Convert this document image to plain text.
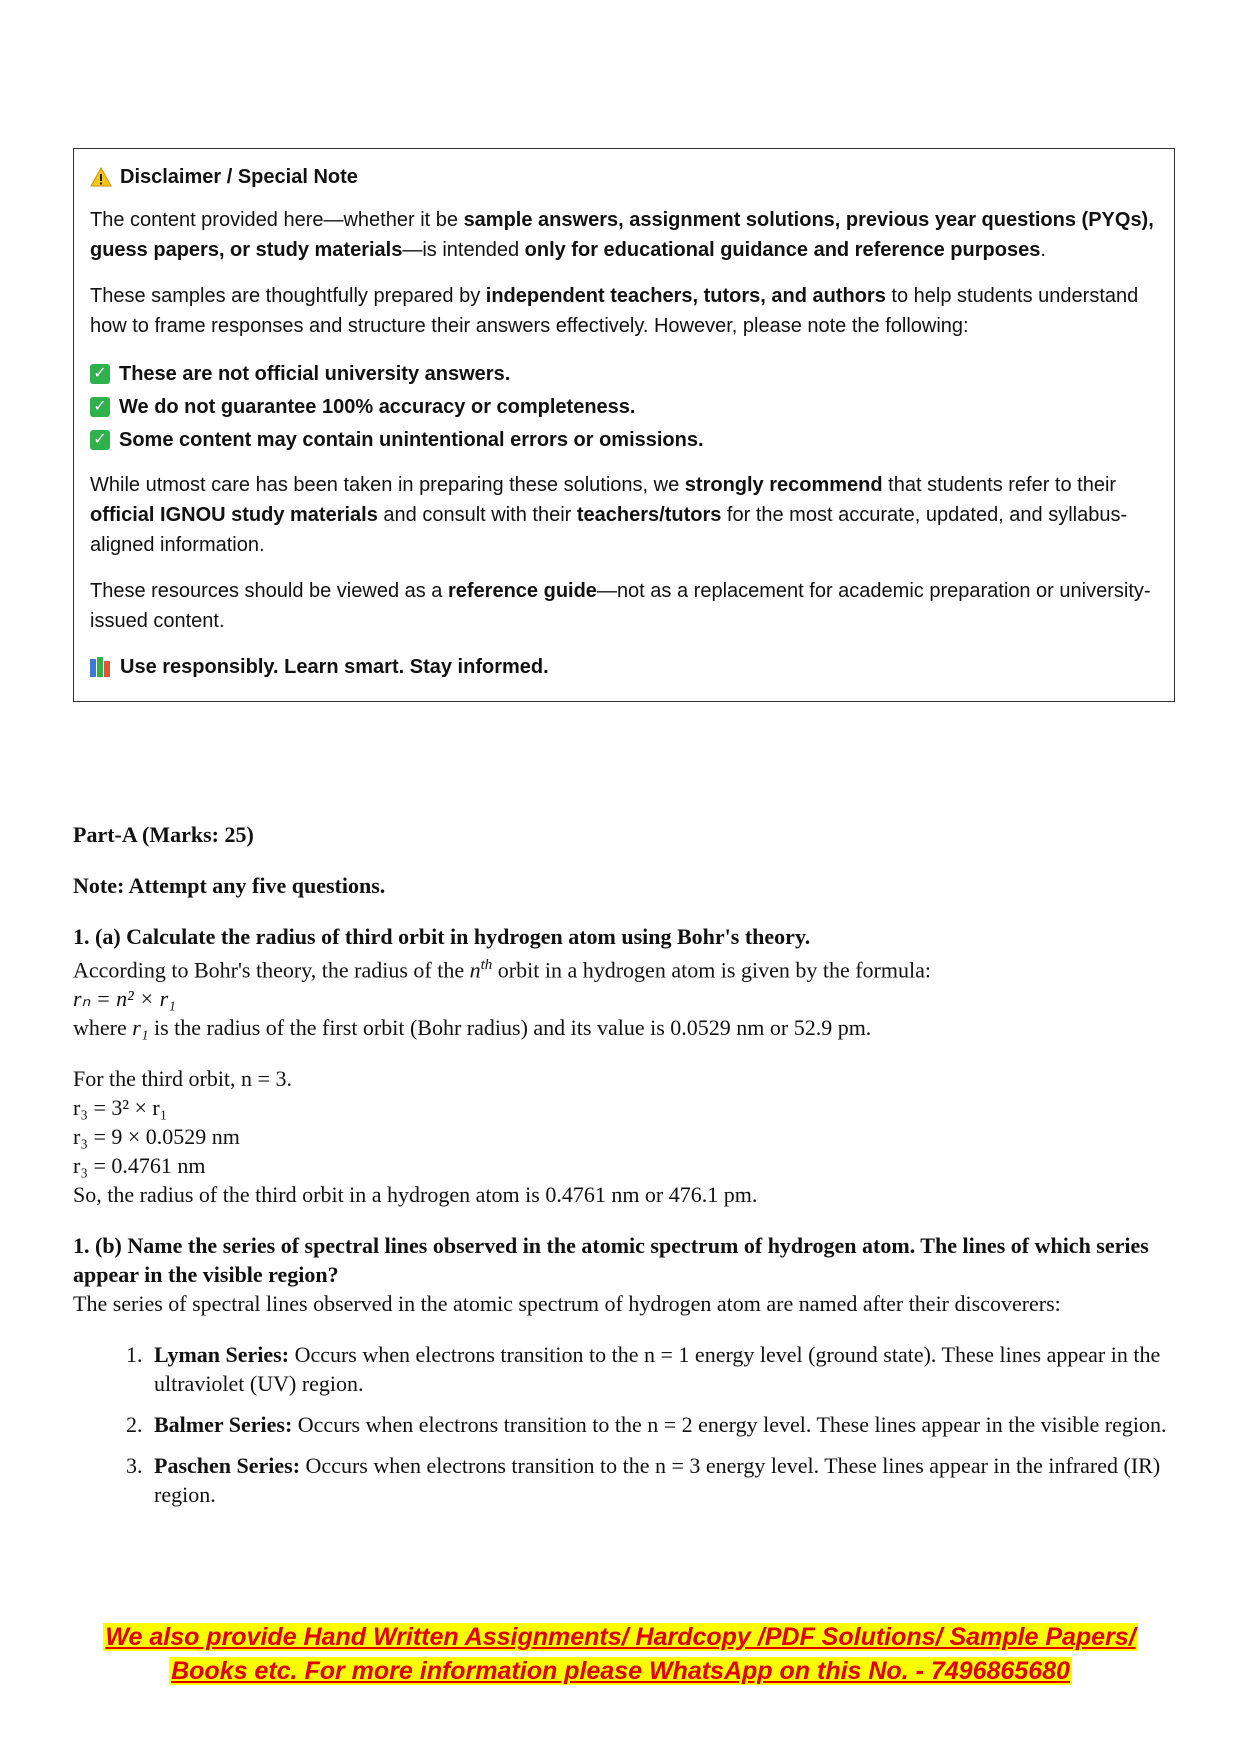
Disclaimer / Special Note

The content provided here—whether it be sample answers, assignment solutions, previous year questions (PYQs), guess papers, or study materials—is intended only for educational guidance and reference purposes.

These samples are thoughtfully prepared by independent teachers, tutors, and authors to help students understand how to frame responses and structure their answers effectively. However, please note the following:

✓ These are not official university answers.
✓ We do not guarantee 100% accuracy or completeness.
✓ Some content may contain unintentional errors or omissions.

While utmost care has been taken in preparing these solutions, we strongly recommend that students refer to their official IGNOU study materials and consult with their teachers/tutors for the most accurate, updated, and syllabus-aligned information.

These resources should be viewed as a reference guide—not as a replacement for academic preparation or university-issued content.

Use responsibly. Learn smart. Stay informed.

Part-A (Marks: 25)

Note: Attempt any five questions.

1. (a) Calculate the radius of third orbit in hydrogen atom using Bohr's theory.

According to Bohr's theory, the radius of the $n^{th}$ orbit in a hydrogen atom is given by the formula:

rₙ = n² × r₁

where r₁ is the radius of the first orbit (Bohr radius) and its value is 0.0529 nm or 52.9 pm.

For the third orbit, n = 3.

r₃ = 3² × r₁

r₃ = 9 × 0.0529 nm

r₃ = 0.4761 nm

So, the radius of the third orbit in a hydrogen atom is 0.4761 nm or 476.1 pm.

1. (b) Name the series of spectral lines observed in the atomic spectrum of hydrogen atom. The lines of which series appear in the visible region?

The series of spectral lines observed in the atomic spectrum of hydrogen atom are named after their discoverers:

1. Lyman Series: Occurs when electrons transition to the n = 1 energy level (ground state). These lines appear in the ultraviolet (UV) region.
2. Balmer Series: Occurs when electrons transition to the n = 2 energy level. These lines appear in the visible region.
3. Paschen Series: Occurs when electrons transition to the n = 3 energy level. These lines appear in the infrared (IR) region.
We also provide Hand Written Assignments/ Hardcopy /PDF Solutions/ Sample Papers/
Books etc. For more information please WhatsApp on this No. - 7496865680
